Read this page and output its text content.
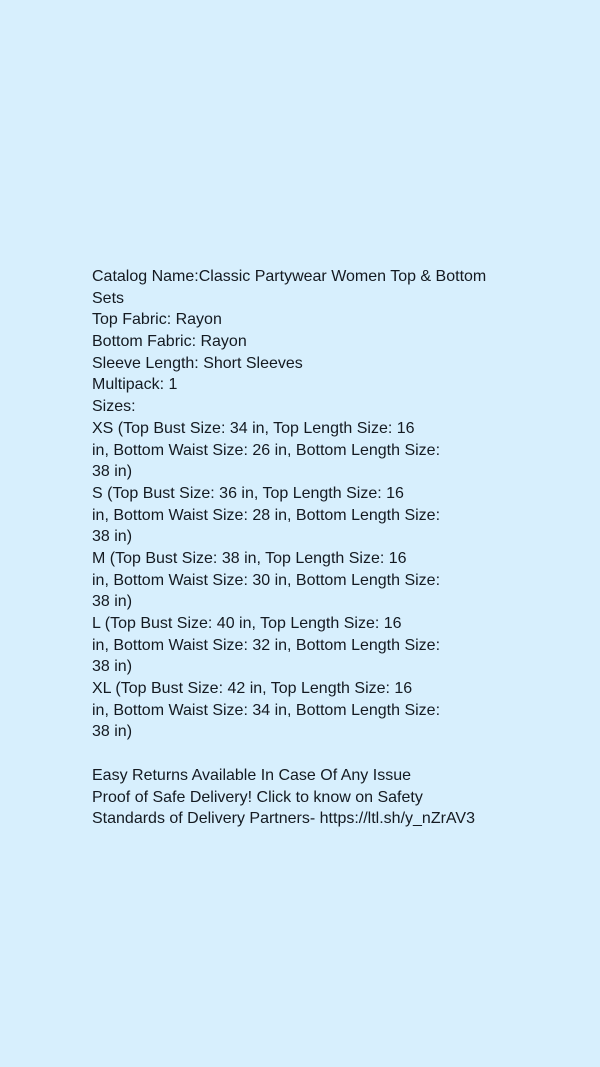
Catalog Name:Classic Partywear Women Top & Bottom
Sets
Top Fabric: Rayon
Bottom Fabric: Rayon
Sleeve Length: Short Sleeves
Multipack: 1
Sizes:
XS (Top Bust Size: 34 in, Top Length Size: 16
in, Bottom Waist Size: 26 in, Bottom Length Size:
38 in)
S (Top Bust Size: 36 in, Top Length Size: 16
in, Bottom Waist Size: 28 in, Bottom Length Size:
38 in)
M (Top Bust Size: 38 in, Top Length Size: 16
in, Bottom Waist Size: 30 in, Bottom Length Size:
38 in)
L (Top Bust Size: 40 in, Top Length Size: 16
in, Bottom Waist Size: 32 in, Bottom Length Size:
38 in)
XL (Top Bust Size: 42 in, Top Length Size: 16
in, Bottom Waist Size: 34 in, Bottom Length Size:
38 in)
Easy Returns Available In Case Of Any Issue
Proof of Safe Delivery! Click to know on Safety
Standards of Delivery Partners- https://ltl.sh/y_nZrAV3
